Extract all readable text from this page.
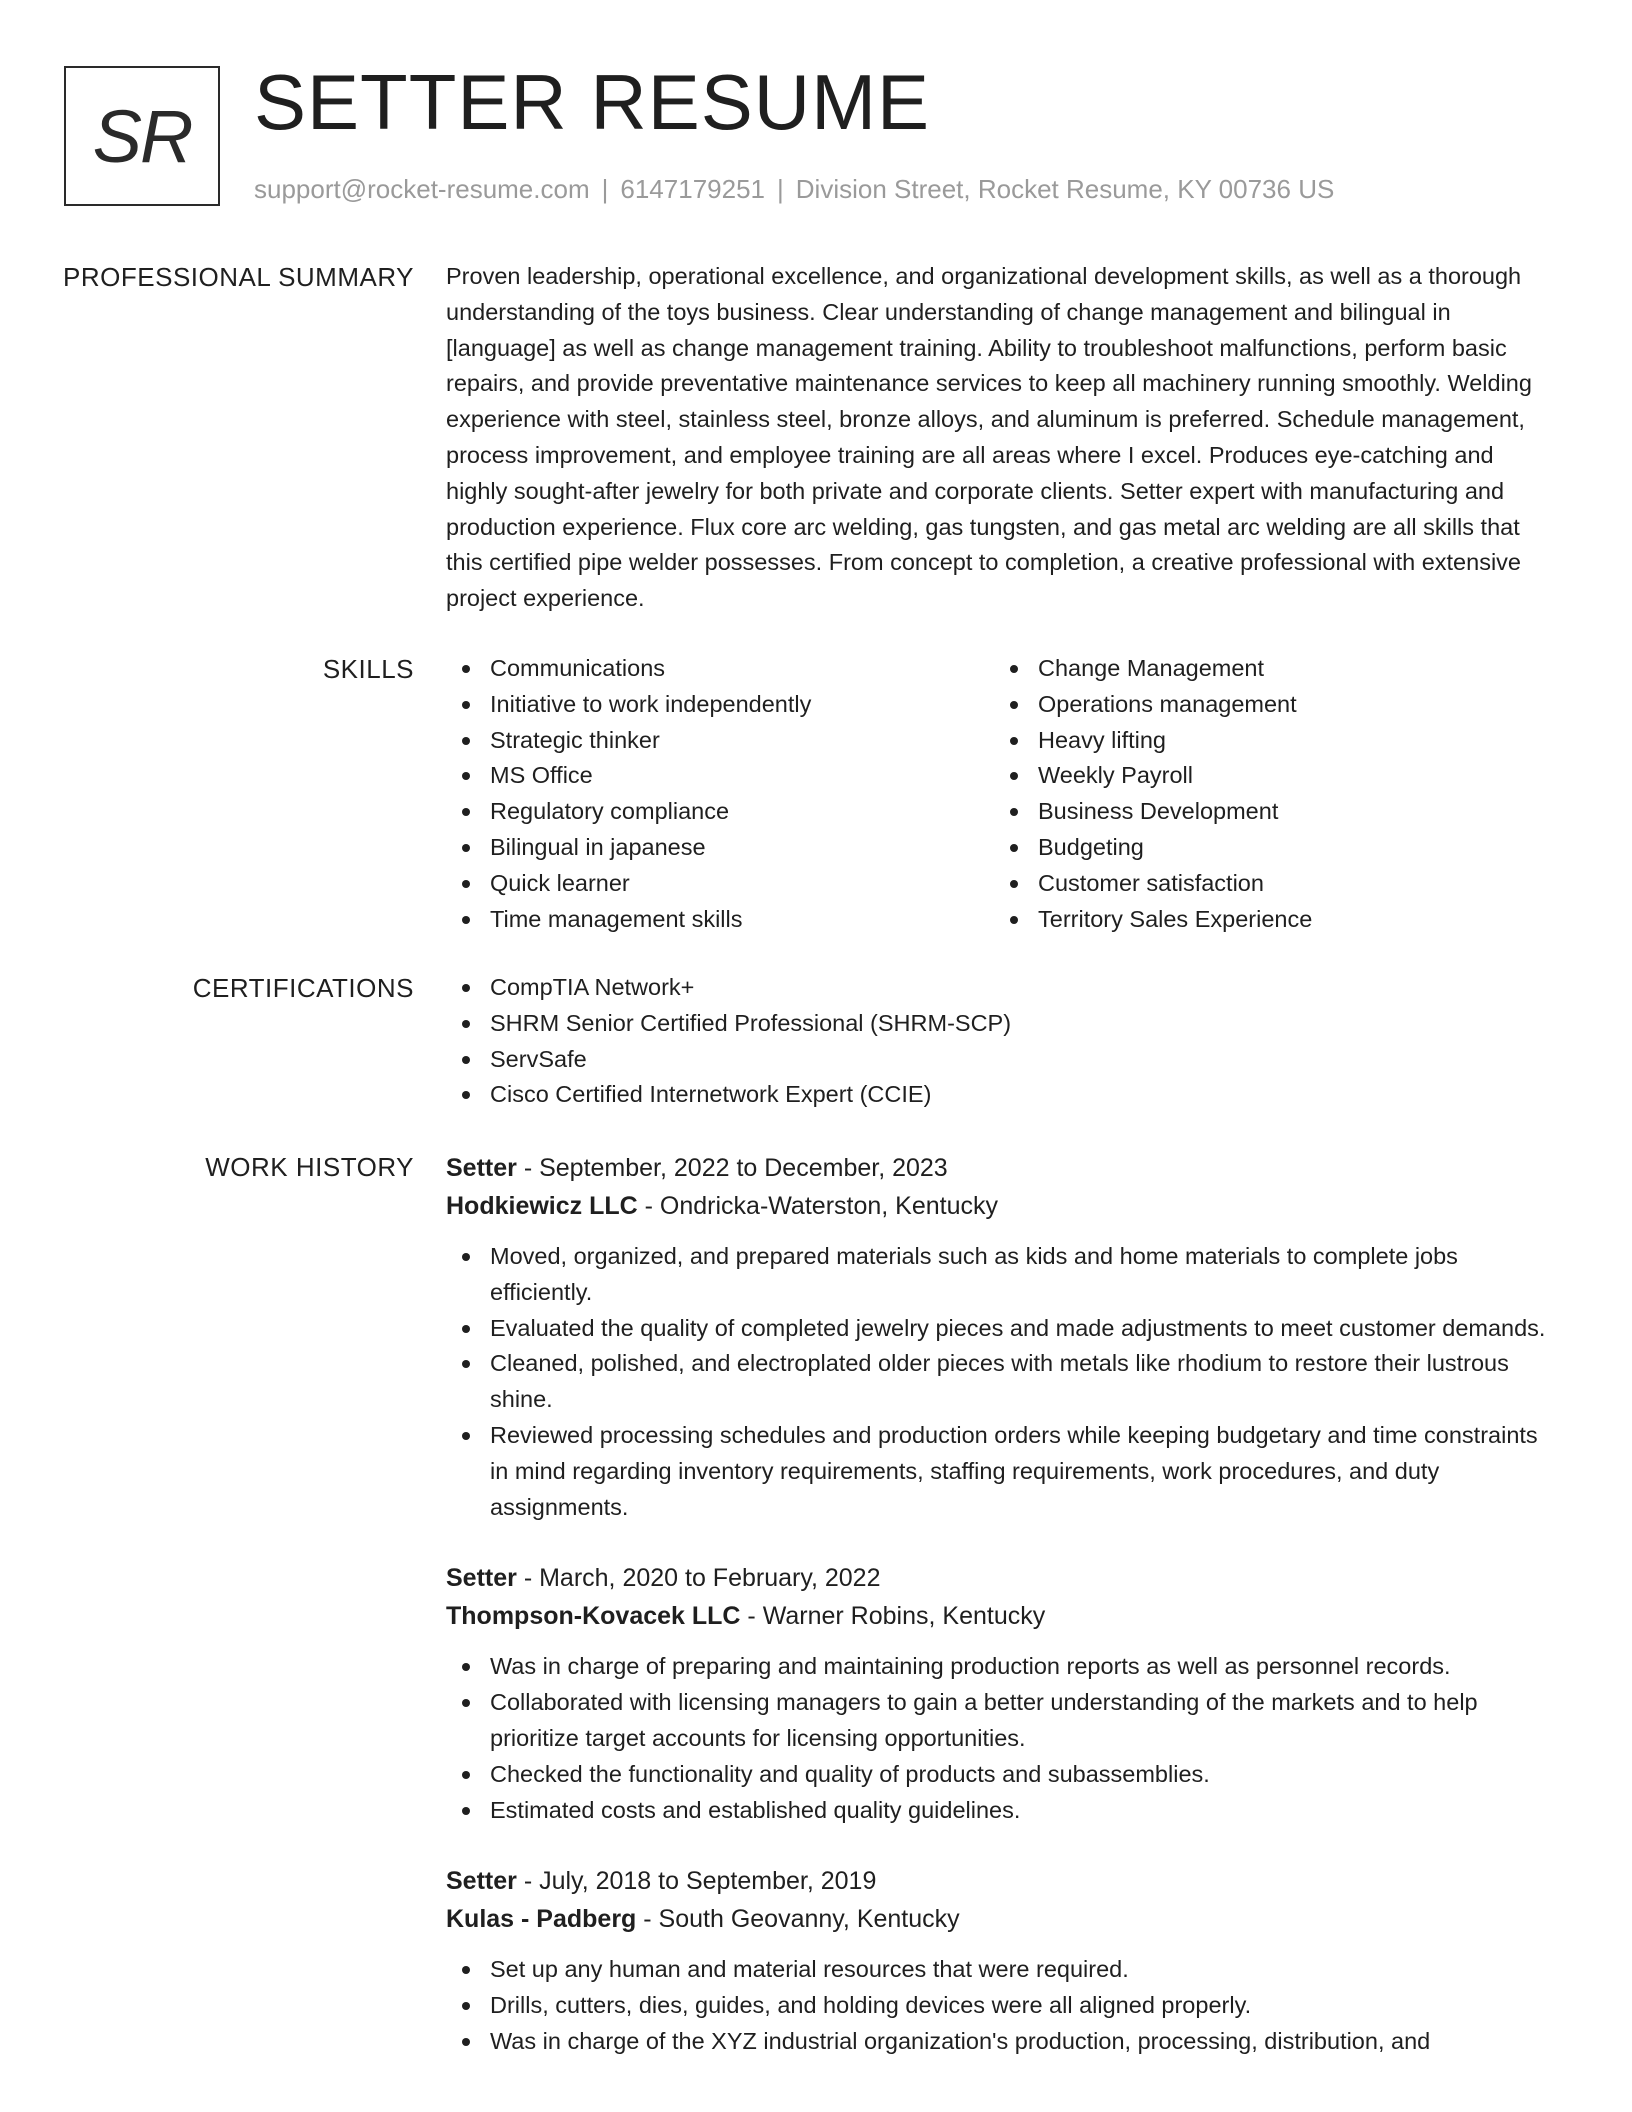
SR SETTER RESUME
support@rocket-resume.com | 6147179251 | Division Street, Rocket Resume, KY 00736 US
PROFESSIONAL SUMMARY Proven leadership, operational excellence, and organizational development skills, as well as a thorough understanding of the toys business. Clear understanding of change management and bilingual in [language] as well as change management training. Ability to troubleshoot malfunctions, perform basic repairs, and provide preventative maintenance services to keep all machinery running smoothly. Welding experience with steel, stainless steel, bronze alloys, and aluminum is preferred. Schedule management, process improvement, and employee training are all areas where I excel. Produces eye-catching and highly sought-after jewelry for both private and corporate clients. Setter expert with manufacturing and production experience. Flux core arc welding, gas tungsten, and gas metal arc welding are all skills that this certified pipe welder possesses. From concept to completion, a creative professional with extensive project experience.

SKILLS	Communications
Initiative to work independently
Strategic thinker
MS Office
Regulatory compliance
Bilingual in japanese
Quick learner
Time management skills
Change Management
Operations management
Heavy lifting
Weekly Payroll
Business Development
Budgeting
Customer satisfaction
Territory Sales Experience
CERTIFICATIONS	CompTIA Network+
SHRM Senior Certified Professional (SHRM-SCP)
ServSafe
Cisco Certified Internetwork Expert (CCIE)
WORK HISTORY Setter - September, 2022 to December, 2023
Hodkiewicz LLC - Ondricka-Waterston, Kentucky
Moved, organized, and prepared materials such as kids and home materials to complete jobs efficiently.
Evaluated the quality of completed jewelry pieces and made adjustments to meet customer demands.
Cleaned, polished, and electroplated older pieces with metals like rhodium to restore their lustrous shine.
Reviewed processing schedules and production orders while keeping budgetary and time constraints in mind regarding inventory requirements, staffing requirements, work procedures, and duty assignments.
Setter - March, 2020 to February, 2022
Thompson-Kovacek LLC - Warner Robins, Kentucky
Was in charge of preparing and maintaining production reports as well as personnel records.
Collaborated with licensing managers to gain a better understanding of the markets and to help prioritize target accounts for licensing opportunities.
Checked the functionality and quality of products and subassemblies.
Estimated costs and established quality guidelines.
Setter - July, 2018 to September, 2019
Kulas - Padberg - South Geovanny, Kentucky
Set up any human and material resources that were required.
Drills, cutters, dies, guides, and holding devices were all aligned properly.
Was in charge of the XYZ industrial organization's production, processing, distribution, and
